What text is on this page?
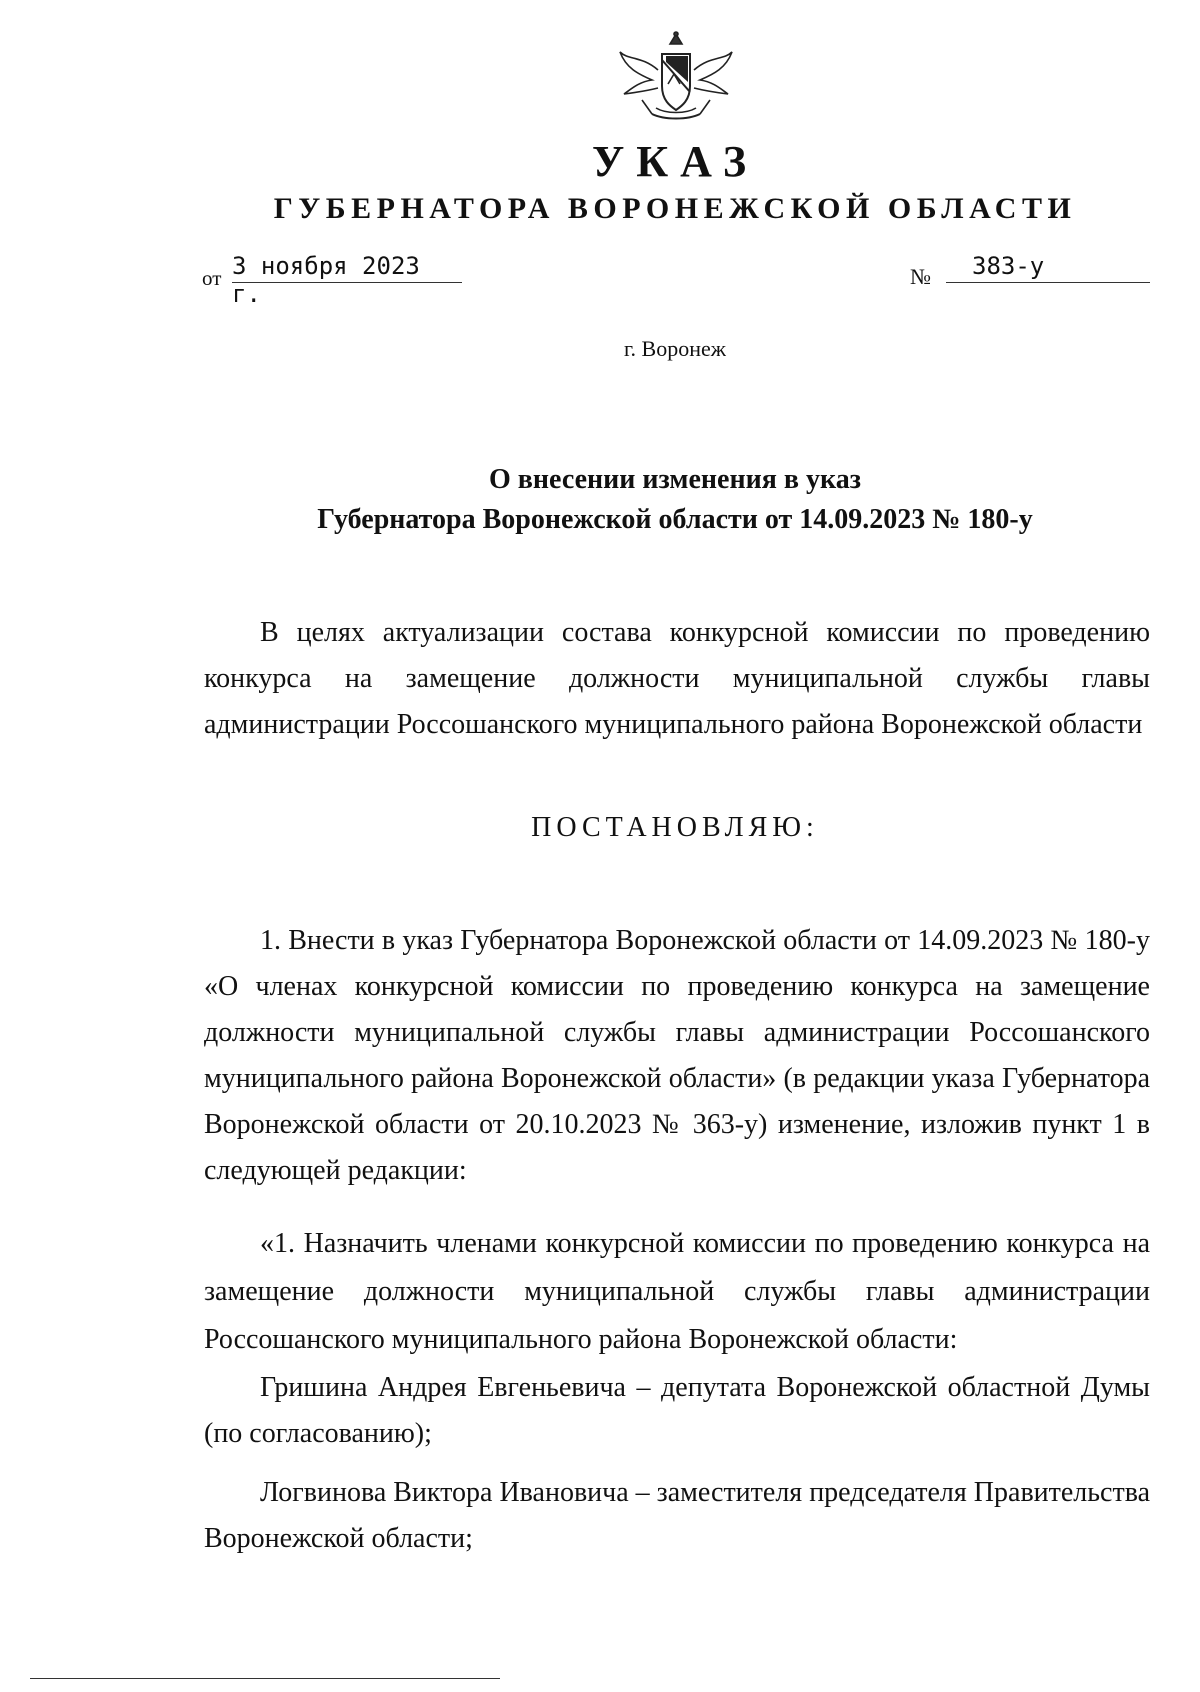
УКАЗ
ГУБЕРНАТОРА ВОРОНЕЖСКОЙ ОБЛАСТИ
от 3 ноября 2023 г.
№ 383-у
г. Воронеж
О внесении изменения в указ
Губернатора Воронежской области от 14.09.2023 № 180-у
В целях актуализации состава конкурсной комиссии по проведению конкурса на замещение должности муниципальной службы главы администрации Россошанского муниципального района Воронежской области
ПОСТАНОВЛЯЮ:
1. Внести в указ Губернатора Воронежской области от 14.09.2023 № 180-у «О членах конкурсной комиссии по проведению конкурса на замещение должности муниципальной службы главы администрации Россошанского муниципального района Воронежской области» (в редакции указа Губернатора Воронежской области от 20.10.2023 № 363-у) изменение, изложив пункт 1 в следующей редакции:
«1. Назначить членами конкурсной комиссии по проведению конкурса на замещение должности муниципальной службы главы администрации Россошанского муниципального района Воронежской области:
Гришина Андрея Евгеньевича – депутата Воронежской областной Думы (по согласованию);
Логвинова Виктора Ивановича – заместителя председателя Правительства Воронежской области;
